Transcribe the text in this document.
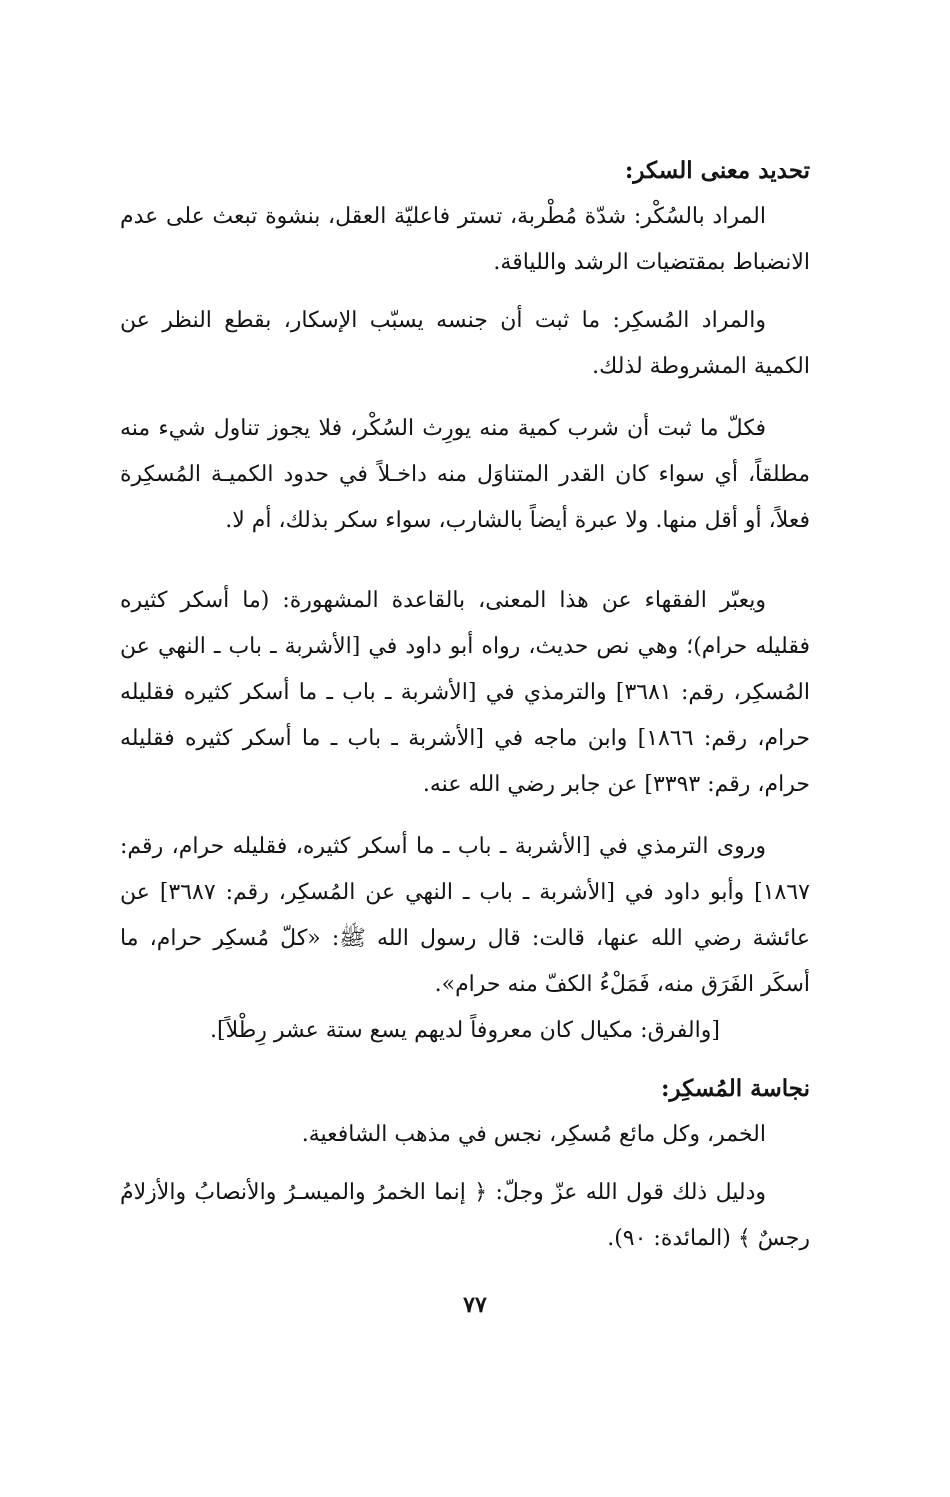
تحديد معنى السكر:

المراد بالسُكْر: شدّة مُطْربة، تستر فاعليّة العقل، بنشوة تبعث على عدم الانضباط بمقتضيات الرشد واللياقة.

والمراد المُسكِر: ما ثبت أن جنسه يسبّب الإسكار، بقطع النظر عن الكمية المشروطة لذلك.

فكلّ ما ثبت أن شرب كمية منه يورِث السُكْر، فلا يجوز تناول شيء منه مطلقاً، أي سواء كان القدر المتناوَل منه داخـلاً في حدود الكميـة المُسكِرة فعلاً، أو أقل منها. ولا عبرة أيضاً بالشارب، سواء سكر بذلك، أم لا.

ويعبّر الفقهاء عن هذا المعنى، بالقاعدة المشهورة: (ما أسكر كثيره فقليله حرام)؛ وهي نص حديث، رواه أبو داود في [الأشربة ـ باب ـ النهي عن المُسكِر، رقم: ٣٦٨١] والترمذي في [الأشربة ـ باب ـ ما أسكر كثيره فقليله حرام، رقم: ١٨٦٦] وابن ماجه في [الأشربة ـ باب ـ ما أسكر كثيره فقليله حرام، رقم: ٣٣٩٣] عن جابر رضي الله عنه.

وروى الترمذي في [الأشربة ـ باب ـ ما أسكر كثيره، فقليله حرام، رقم: ١٨٦٧] وأبو داود في [الأشربة ـ باب ـ النهي عن المُسكِر، رقم: ٣٦٨٧] عن عائشة رضي الله عنها، قالت: قال رسول الله ﷺ: «كلّ مُسكِر حرام، ما أسكَر الفَرَق منه، فَمَلْءُ الكفّ منه حرام».

[والفرق: مكيال كان معروفاً لديهم يسع ستة عشر رِطْلاً].

نجاسة المُسكِر:

الخمر، وكل مائع مُسكِر، نجس في مذهب الشافعية.

ودليل ذلك قول الله عزّ وجلّ: ﴿ إنما الخمرُ والميسـرُ والأنصابُ والأزلامُ رجسٌ ﴾ (المائدة: ٩٠).

٧٧
